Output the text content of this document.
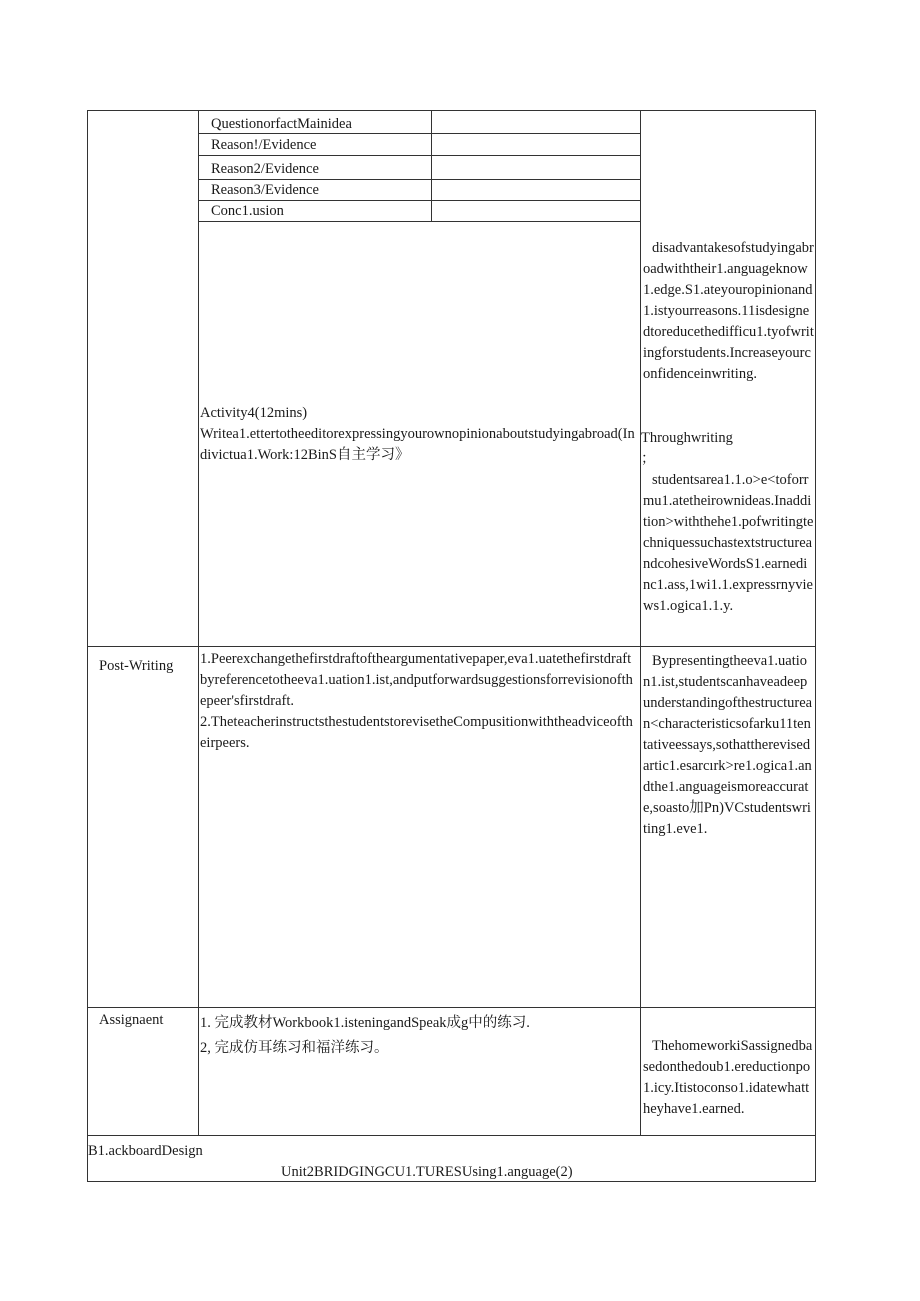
QuestionorfactMainidea
Reason!/Evidence
Reason2/Evidence
Reason3/Evidence
Conc1.usion
Activity4(12mins)
Writea1.ettertotheeditorexpressingyourownopinionaboutstudyingabroad(Indivictua1.Work:12BinS自主学习》
disadvantakesofstudyingabroadwiththeir1.anguageknow1.edge.S1.ateyouropinionand1.istyourreasons.11isdesignedtoreducethedifficu1.tyofwritingforstudents.Increaseyourconfidenceinwriting.
Throughwriting
；
studentsarea1.1.o>e<toforrmu1.atetheirownideas.Inaddition>withthehe1.pofwritingtechniquessuchastextstructureandcohesiveWordsS1.earnedinc1.ass,1wi1.1.expressrnyviews1.ogica1.1.y.
Post-Writing 1.Peerexchangethefirstdraftoftheargumentativepaper,eva1.uatethefirstdraftbyreferencetotheeva1.uation1.ist,andputforwardsuggestionsforrevisionofthepeer'sfirstdraft.
2.TheteacherinstructsthestudentstorevisetheCompusitionwiththeadviceoftheirpeers.
Bypresentingtheeva1.uation1.ist,studentscanhaveadeepunderstandingofthestructurean<characteristicsofarku11tentativeessays,sothattherevisedartic1.esarcırk>re1.ogica1.andthe1.anguageismoreaccurate,soasto加Pn)VCstudentswriting1.eve1.
Assignaent	1. 完成教材Workbook1.isteningandSpeak成g中的练习.
2, 完成仿耳练习和福洋练习。	ThehomeworkiSassignedbasedonthedoub1.ereductionpo1.icy.Itistoconso1.idatewhattheyhave1.earned.
B1.ackboardDesign
Unit2BRIDGINGCU1.TURESUsing1.anguage(2)
